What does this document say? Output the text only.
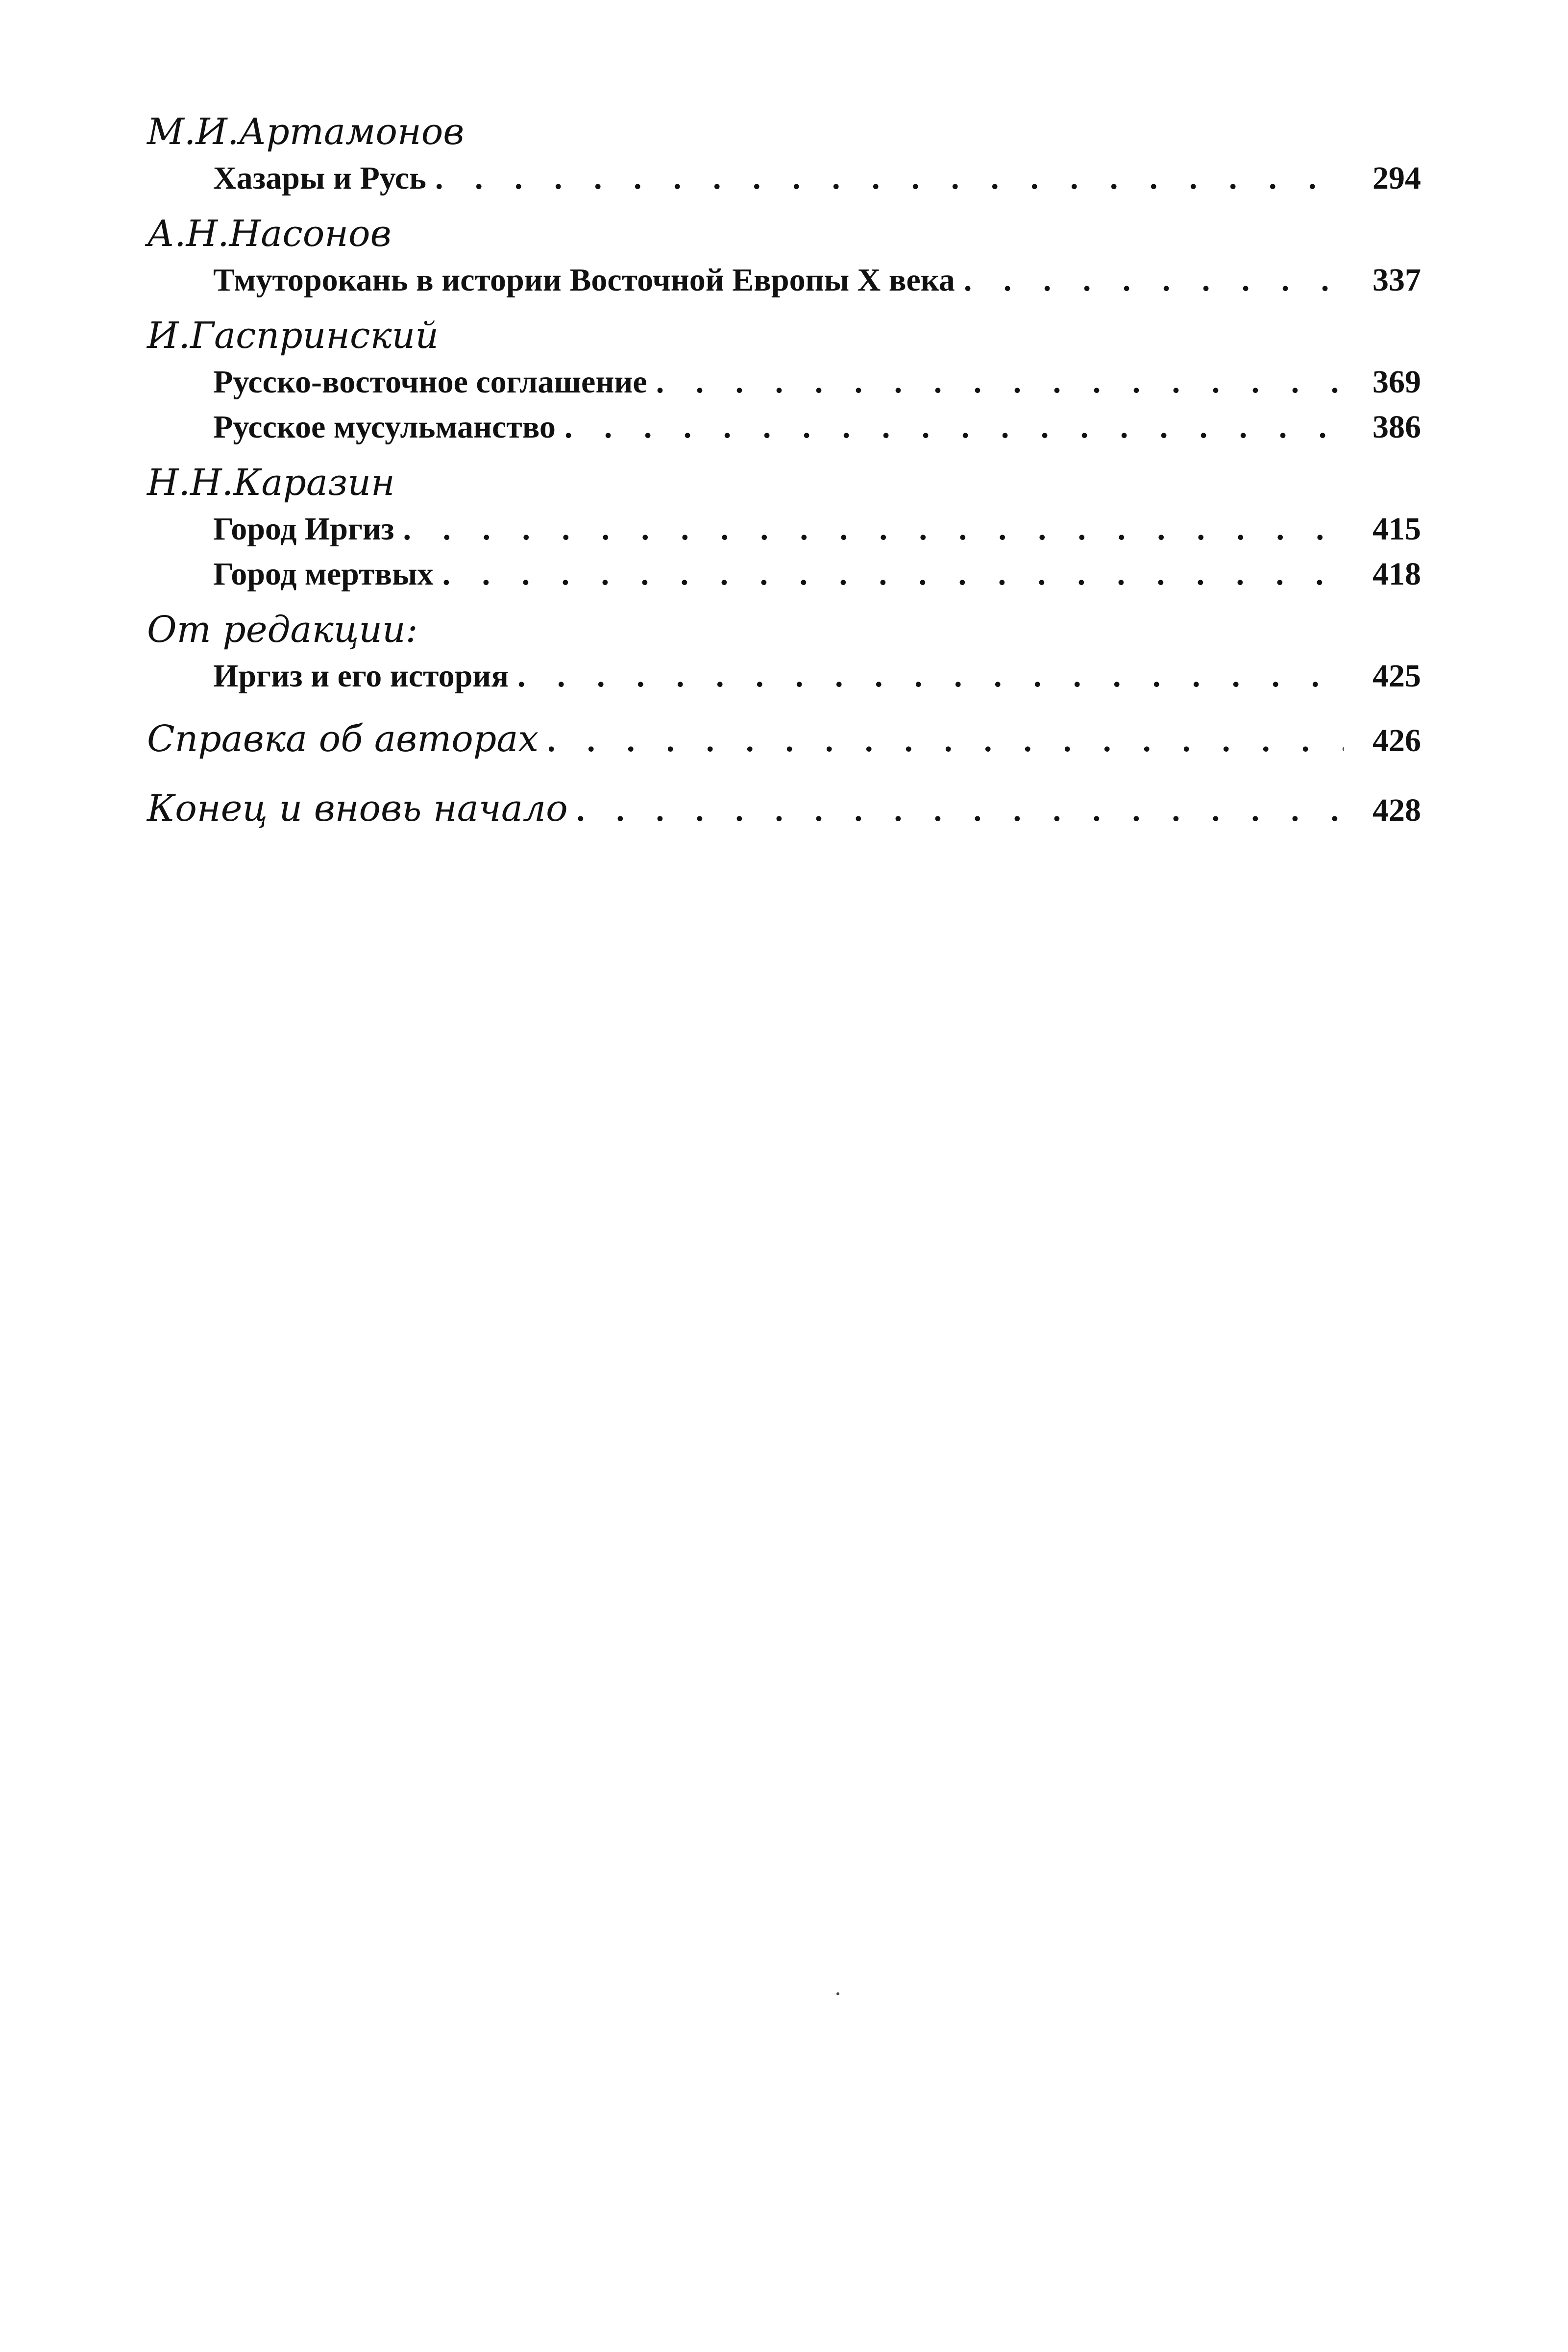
М.И.Артамонов
Хазары и Русь . . .	294
А.Н.Насонов
Тмуторокань в истории Восточной Европы X века . . .	337
И.Гаспринский
Русско-восточное соглашение . . .	369
Русское мусульманство . . .	386
Н.Н.Каразин
Город Иргиз . . .	415
Город мертвых . . .	418
От редакции:
Иргиз и его история . . .	425
Справка об авторах . . .	426
Конец и вновь начало . . .	428
